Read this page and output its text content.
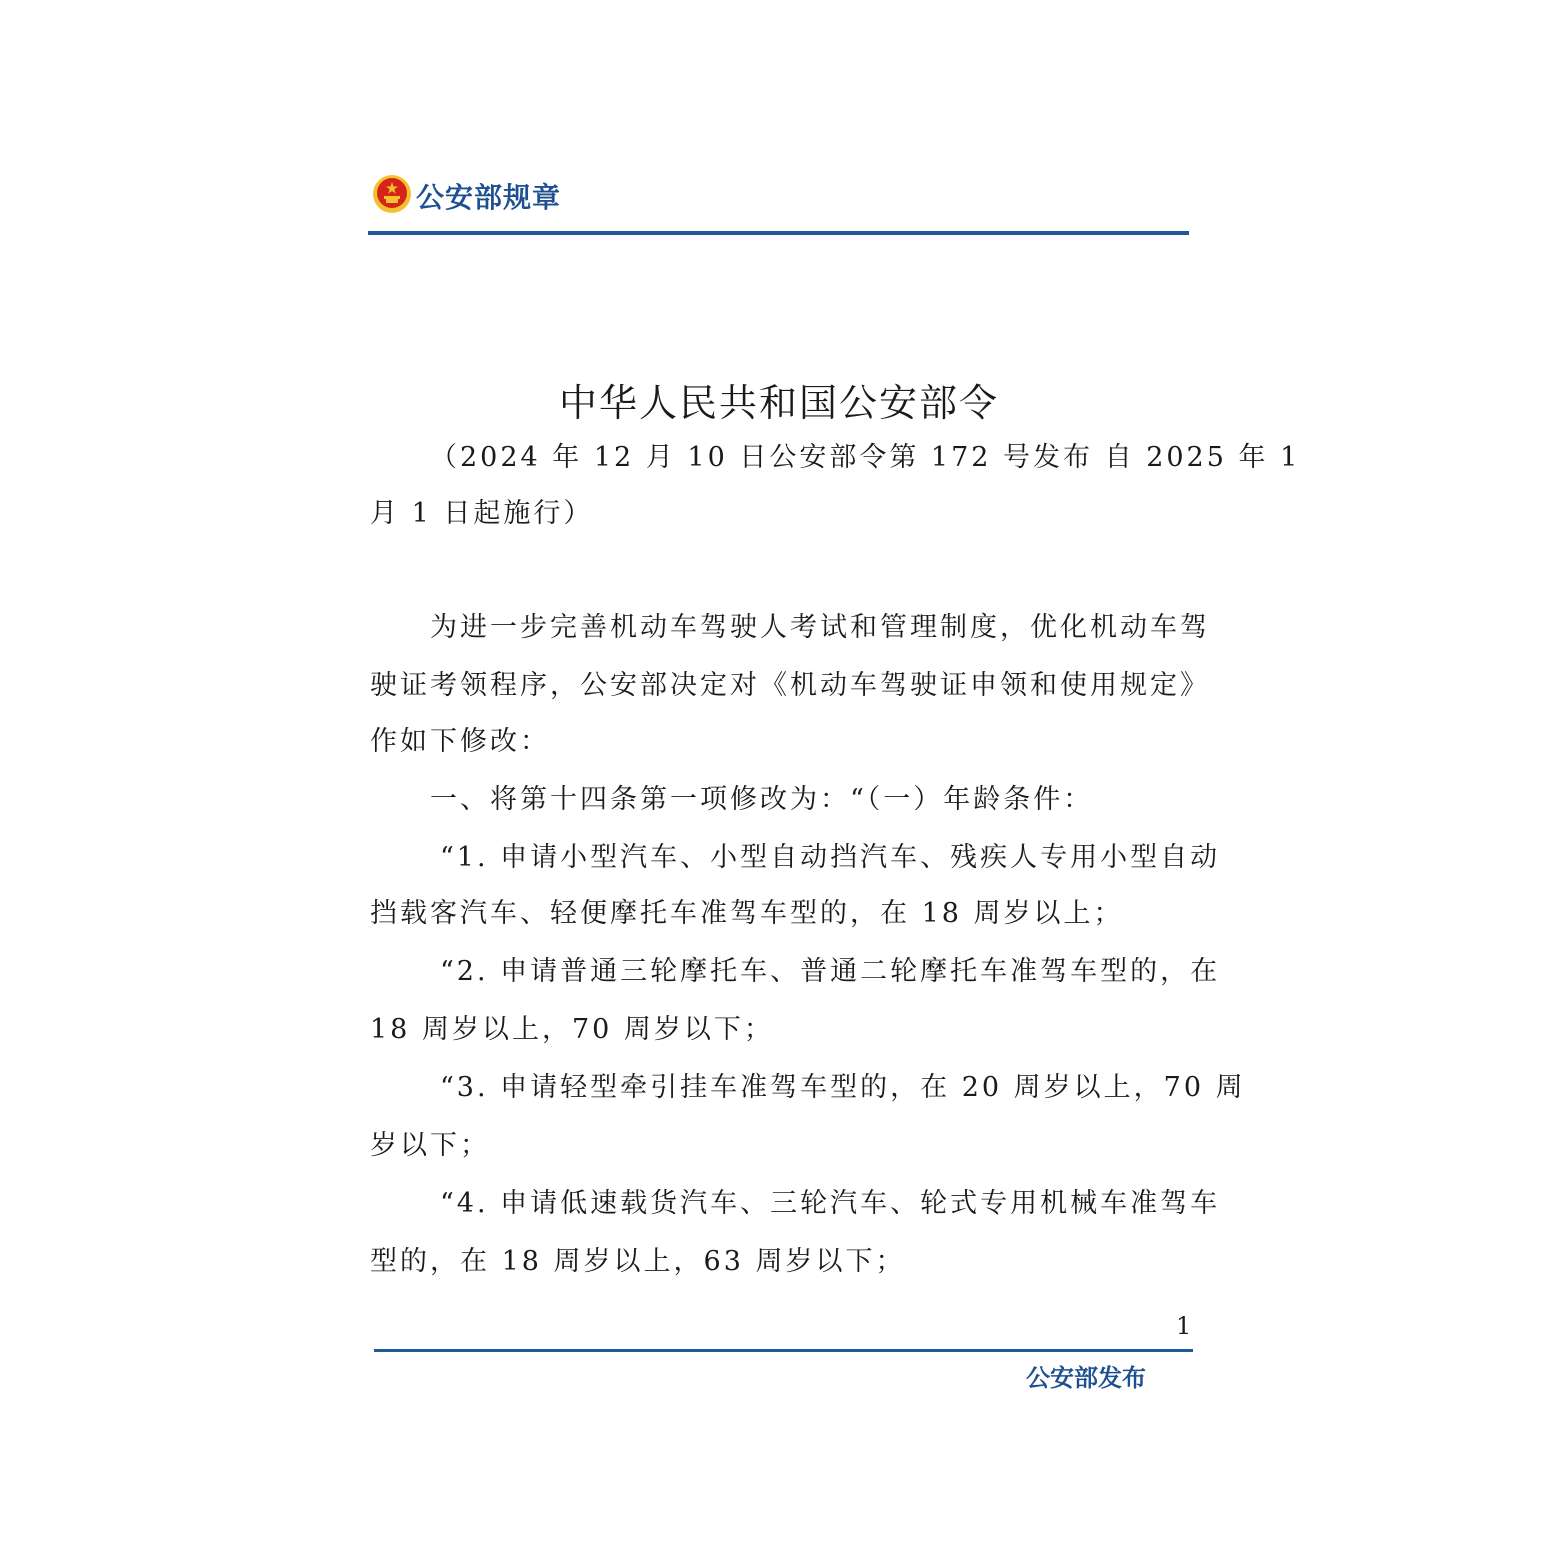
公安部规章
中华人民共和国公安部令
（2024 年 12 月 10 日公安部令第 172 号发布 自 2025 年 1
月 1 日起施行）
为进一步完善机动车驾驶人考试和管理制度，优化机动车驾
驶证考领程序，公安部决定对《机动车驾驶证申领和使用规定》
作如下修改：
一、将第十四条第一项修改为：“（一）年龄条件：
“1. 申请小型汽车、小型自动挡汽车、残疾人专用小型自动
挡载客汽车、轻便摩托车准驾车型的，在 18 周岁以上；
“2. 申请普通三轮摩托车、普通二轮摩托车准驾车型的，在
18 周岁以上，70 周岁以下；
“3. 申请轻型牵引挂车准驾车型的，在 20 周岁以上，70 周
岁以下；
“4. 申请低速载货汽车、三轮汽车、轮式专用机械车准驾车
型的，在 18 周岁以上，63 周岁以下；
1
公安部发布
